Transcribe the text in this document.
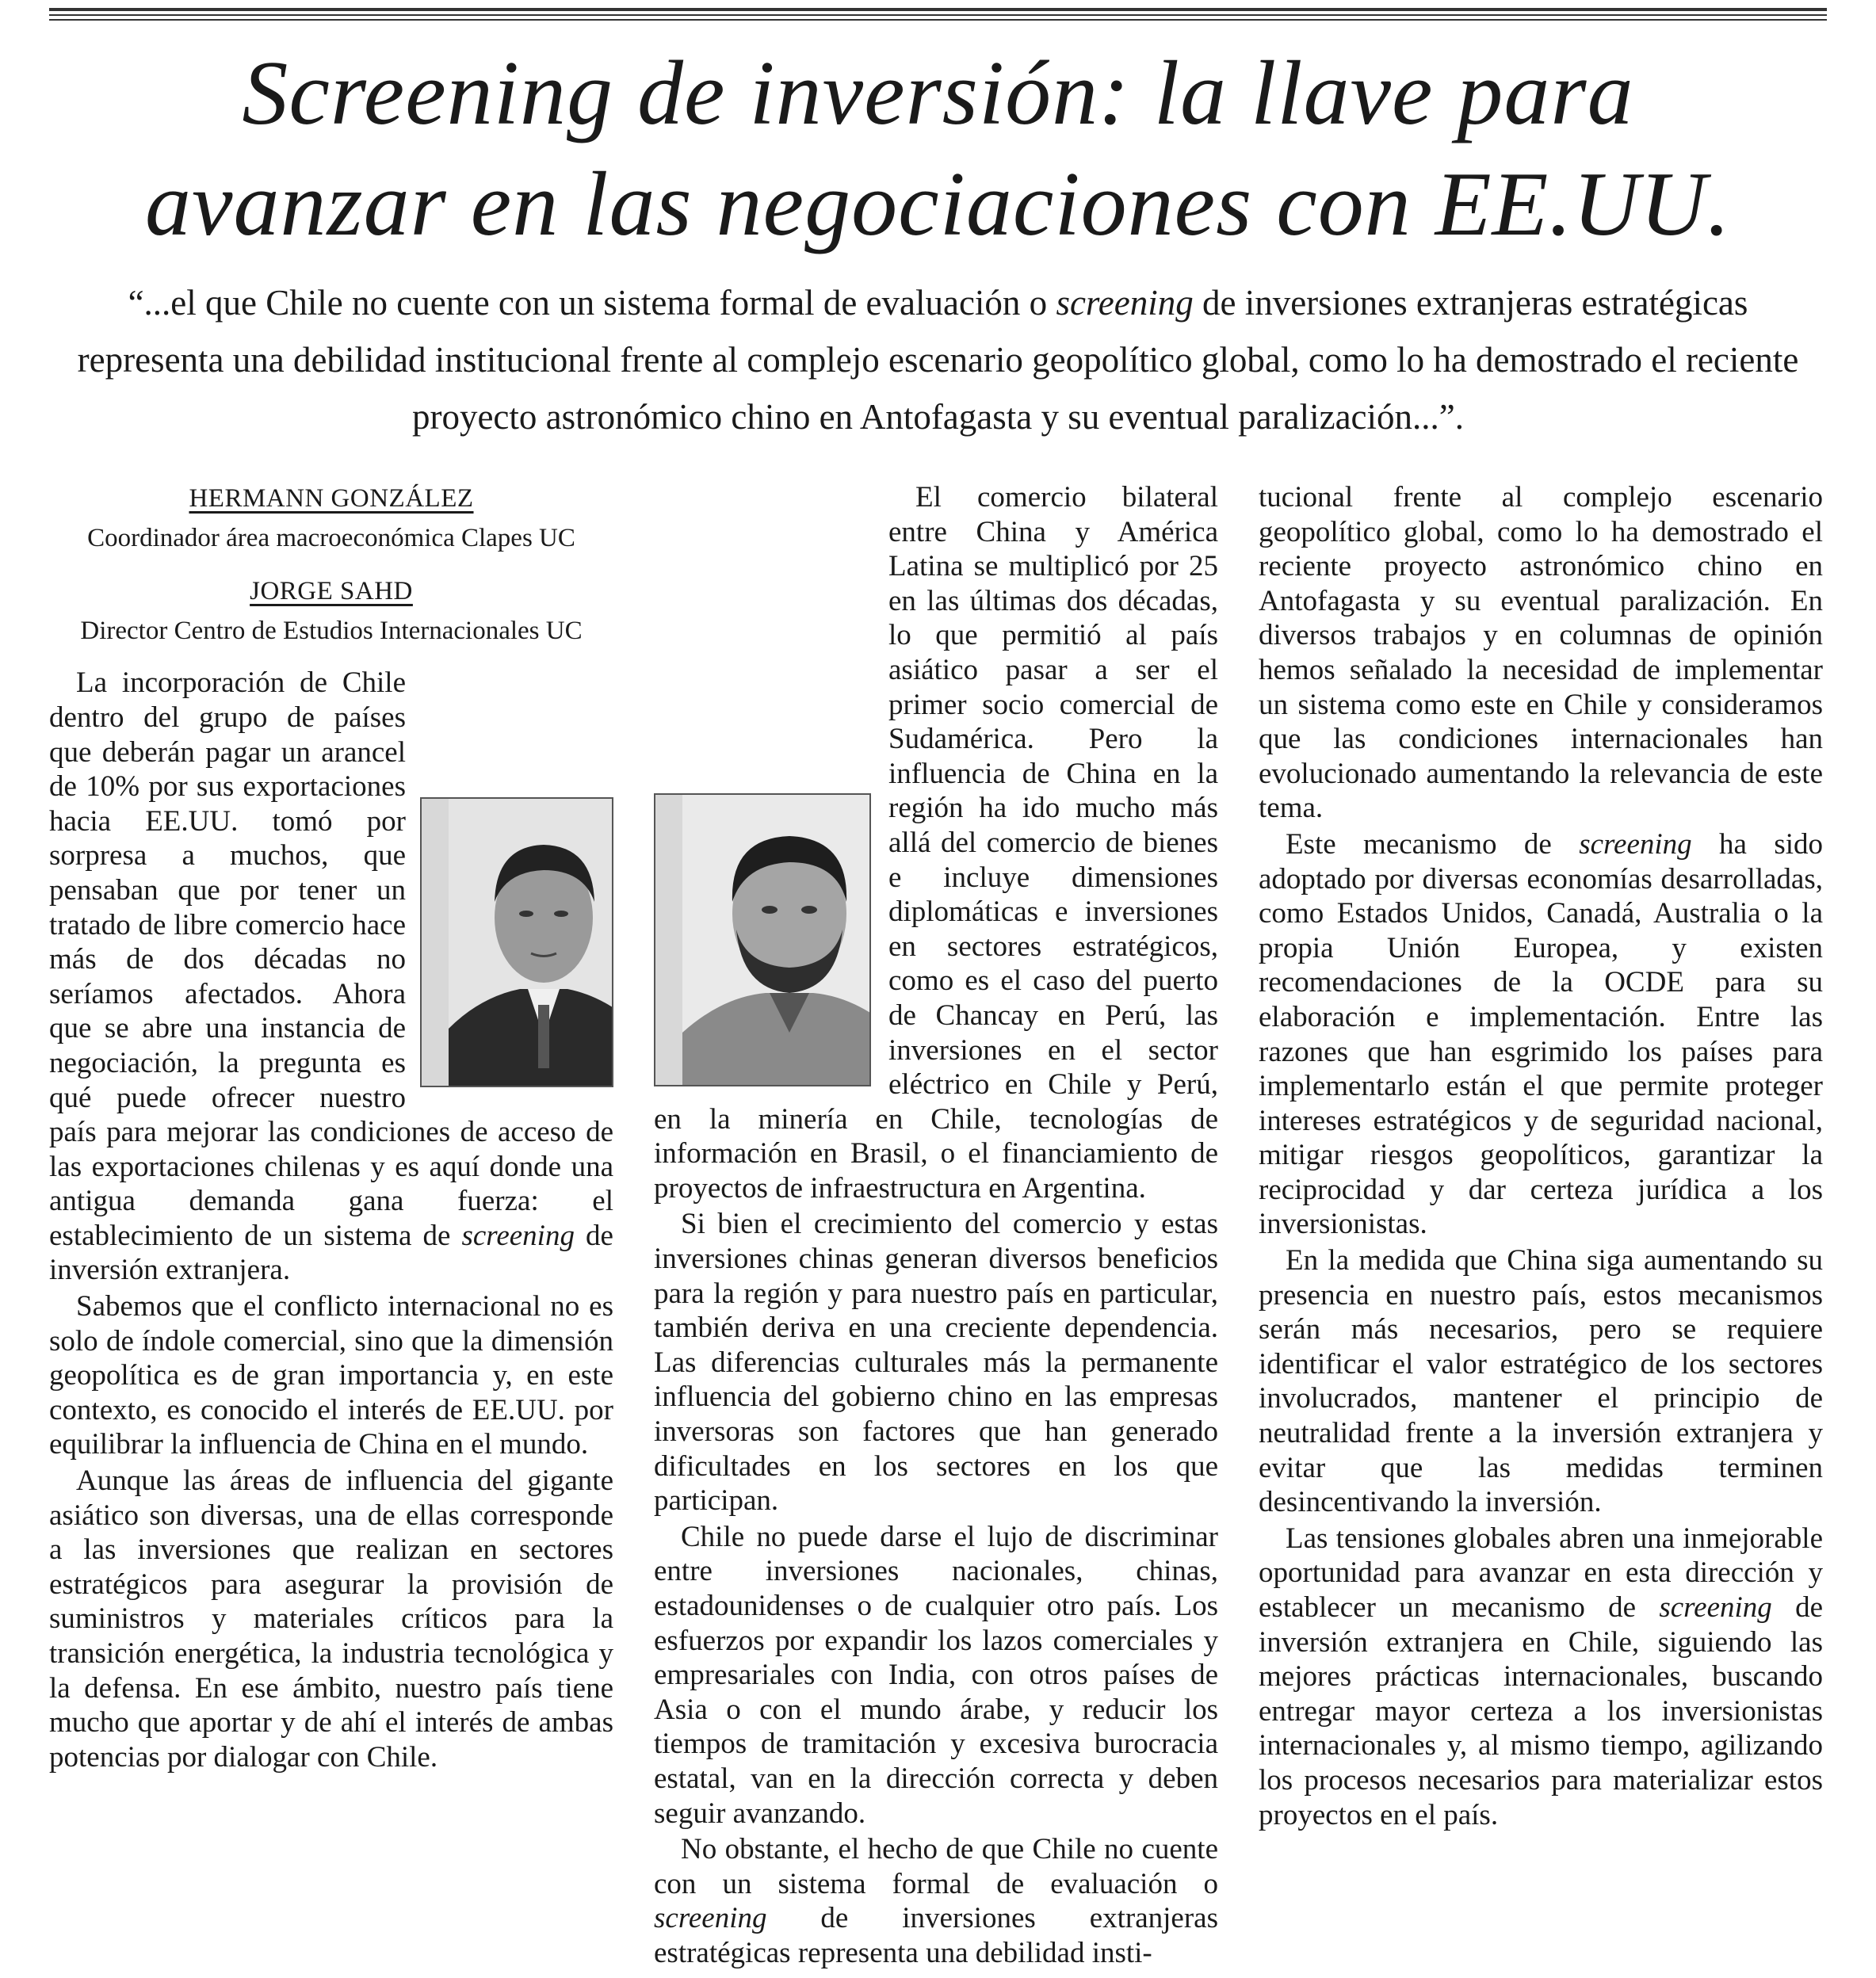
Screening de inversión: la llave para
avanzar en las negociaciones con EE.UU.
“...el que Chile no cuente con un sistema formal de evaluación o screening de inversiones extranjeras estratégicas representa una debilidad institucional frente al complejo escenario geopolítico global, como lo ha demostrado el reciente proyecto astronómico chino en Antofagasta y su eventual paralización...”.
HERMANN GONZÁLEZ
Coordinador área macroeconómica Clapes UC
JORGE SAHD
Director Centro de Estudios Internacionales UC

La incorporación de Chile dentro del grupo de países que deberán pagar un arancel de 10% por sus exportaciones hacia EE.UU. tomó por sorpresa a muchos, que pensaban que por tener un tratado de libre comercio hace más de dos décadas no seríamos afectados. Ahora que se abre una instancia de negociación, la pregunta es qué puede ofrecer nuestro país para mejorar las condiciones de acceso de las exportaciones chilenas y es aquí donde una antigua demanda gana fuerza: el establecimiento de un sistema de screening de inversión extranjera.

Sabemos que el conflicto internacional no es solo de índole comercial, sino que la dimensión geopolítica es de gran importancia y, en este contexto, es conocido el interés de EE.UU. por equilibrar la influencia de China en el mundo.

Aunque las áreas de influencia del gigante asiático son diversas, una de ellas corresponde a las inversiones que realizan en sectores estratégicos para asegurar la provisión de suministros y materiales críticos para la transición energética, la industria tecnológica y la defensa. En ese ámbito, nuestro país tiene mucho que aportar y de ahí el interés de ambas potencias por dialogar con Chile.

El comercio bilateral entre China y América Latina se multiplicó por 25 en las últimas dos décadas, lo que permitió al país asiático pasar a ser el primer socio comercial de Sudamérica. Pero la influencia de China en la región ha ido mucho más allá del comercio de bienes e incluye dimensiones diplomáticas e inversiones en sectores estratégicos, como es el caso del puerto de Chancay en Perú, las inversiones en el sector eléctrico en Chile y Perú, en la minería en Chile, tecnologías de información en Brasil, o el financiamiento de proyectos de infraestructura en Argentina.

Si bien el crecimiento del comercio y estas inversiones chinas generan diversos beneficios para la región y para nuestro país en particular, también deriva en una creciente dependencia. Las diferencias culturales más la permanente influencia del gobierno chino en las empresas inversoras son factores que han generado dificultades en los sectores en los que participan.

Chile no puede darse el lujo de discriminar entre inversiones nacionales, chinas, estadounidenses o de cualquier otro país. Los esfuerzos por expandir los lazos comerciales y empresariales con India, con otros países de Asia o con el mundo árabe, y reducir los tiempos de tramitación y excesiva burocracia estatal, van en la dirección correcta y deben seguir avanzando.

No obstante, el hecho de que Chile no cuente con un sistema formal de evaluación o screening de inversiones extranjeras estratégicas representa una debilidad insti-

tucional frente al complejo escenario geopolítico global, como lo ha demostrado el reciente proyecto astronómico chino en Antofagasta y su eventual paralización. En diversos trabajos y en columnas de opinión hemos señalado la necesidad de implementar un sistema como este en Chile y consideramos que las condiciones internacionales han evolucionado aumentando la relevancia de este tema.

Este mecanismo de screening ha sido adoptado por diversas economías desarrolladas, como Estados Unidos, Canadá, Australia o la propia Unión Europea, y existen recomendaciones de la OCDE para su elaboración e implementación. Entre las razones que han esgrimido los países para implementarlo están el que permite proteger intereses estratégicos y de seguridad nacional, mitigar riesgos geopolíticos, garantizar la reciprocidad y dar certeza jurídica a los inversionistas.

En la medida que China siga aumentando su presencia en nuestro país, estos mecanismos serán más necesarios, pero se requiere identificar el valor estratégico de los sectores involucrados, mantener el principio de neutralidad frente a la inversión extranjera y evitar que las medidas terminen desincentivando la inversión.

Las tensiones globales abren una inmejorable oportunidad para avanzar en esta dirección y establecer un mecanismo de screening de inversión extranjera en Chile, siguiendo las mejores prácticas internacionales, buscando entregar mayor certeza a los inversionistas internacionales y, al mismo tiempo, agilizando los procesos necesarios para materializar estos proyectos en el país.
